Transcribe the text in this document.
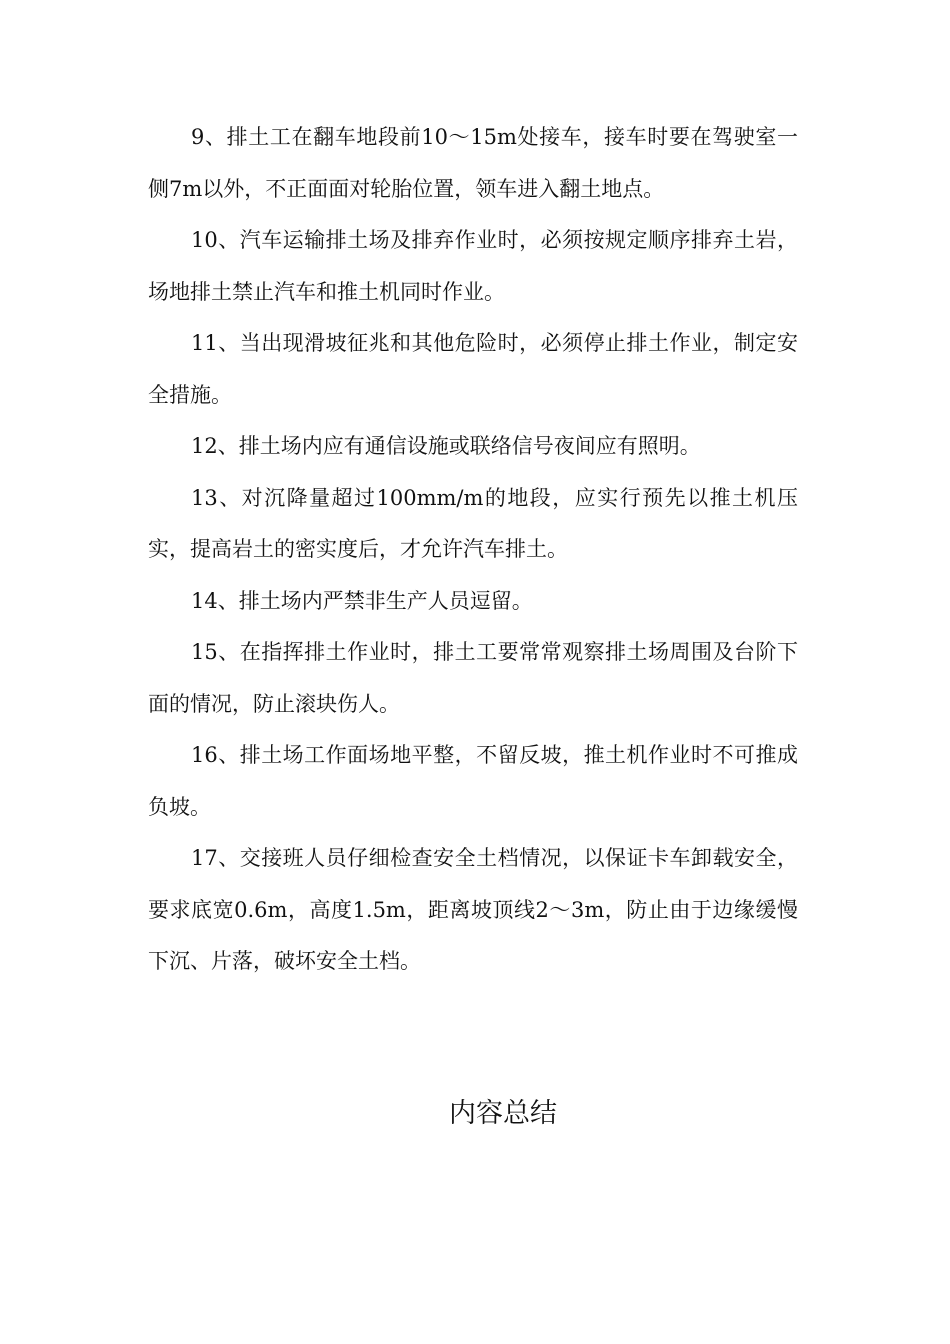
9、排土工在翻车地段前10～15m处接车，接车时要在驾驶室一侧7m以外，不正面面对轮胎位置，领车进入翻土地点。

10、汽车运输排土场及排弃作业时，必须按规定顺序排弃土岩，场地排土禁止汽车和推土机同时作业。

11、当出现滑坡征兆和其他危险时，必须停止排土作业，制定安全措施。

12、排土场内应有通信设施或联络信号夜间应有照明。

13、对沉降量超过100mm/m的地段，应实行预先以推土机压实，提高岩土的密实度后，才允许汽车排土。

14、排土场内严禁非生产人员逗留。

15、在指挥排土作业时，排土工要常常观察排土场周围及台阶下面的情况，防止滚块伤人。

16、排土场工作面场地平整，不留反坡，推土机作业时不可推成负坡。

17、交接班人员仔细检查安全土档情况，以保证卡车卸载安全，要求底宽0.6m，高度1.5m，距离坡顶线2～3m，防止由于边缘缓慢下沉、片落，破坏安全土档。

内容总结
